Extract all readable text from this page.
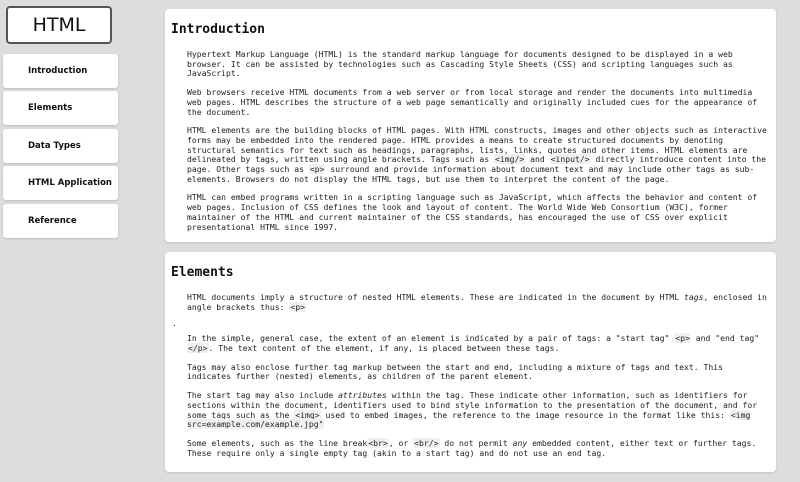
HTML
Introduction
Elements
Data Types
HTML Application
Reference
Introduction

Hypertext Markup Language (HTML) is the standard markup language for documents designed to be displayed in a web browser. It can be assisted by technologies such as Cascading Style Sheets (CSS) and scripting languages such as JavaScript.

Web browsers receive HTML documents from a web server or from local storage and render the documents into multimedia web pages. HTML describes the structure of a web page semantically and originally included cues for the appearance of the document.

HTML elements are the building blocks of HTML pages. With HTML constructs, images and other objects such as interactive forms may be embedded into the rendered page. HTML provides a means to create structured documents by denoting structural semantics for text such as headings, paragraphs, lists, links, quotes and other items. HTML elements are delineated by tags, written using angle brackets. Tags such as <img/> and <input/> directly introduce content into the page. Other tags such as <p> surround and provide information about document text and may include other tags as sub-elements. Browsers do not display the HTML tags, but use them to interpret the content of the page.

HTML can embed programs written in a scripting language such as JavaScript, which affects the behavior and content of web pages. Inclusion of CSS defines the look and layout of content. The World Wide Web Consortium (W3C), former maintainer of the HTML and current maintainer of the CSS standards, has encouraged the use of CSS over explicit presentational HTML since 1997.

Elements

HTML documents imply a structure of nested HTML elements. These are indicated in the document by HTML tags, enclosed in angle brackets thus: <p>

.

In the simple, general case, the extent of an element is indicated by a pair of tags: a "start tag" <p> and "end tag" </p>. The text content of the element, if any, is placed between these tags.

Tags may also enclose further tag markup between the start and end, including a mixture of tags and text. This indicates further (nested) elements, as children of the parent element.

The start tag may also include attributes within the tag. These indicate other information, such as identifiers for sections within the document, identifiers used to bind style information to the presentation of the document, and for some tags such as the <img> used to embed images, the reference to the image resource in the format like this: <img src=example.com/example.jpg"

Some elements, such as the line break<br>, or <br/> do not permit any embedded content, either text or further tags. These require only a single empty tag (akin to a start tag) and do not use an end tag.
